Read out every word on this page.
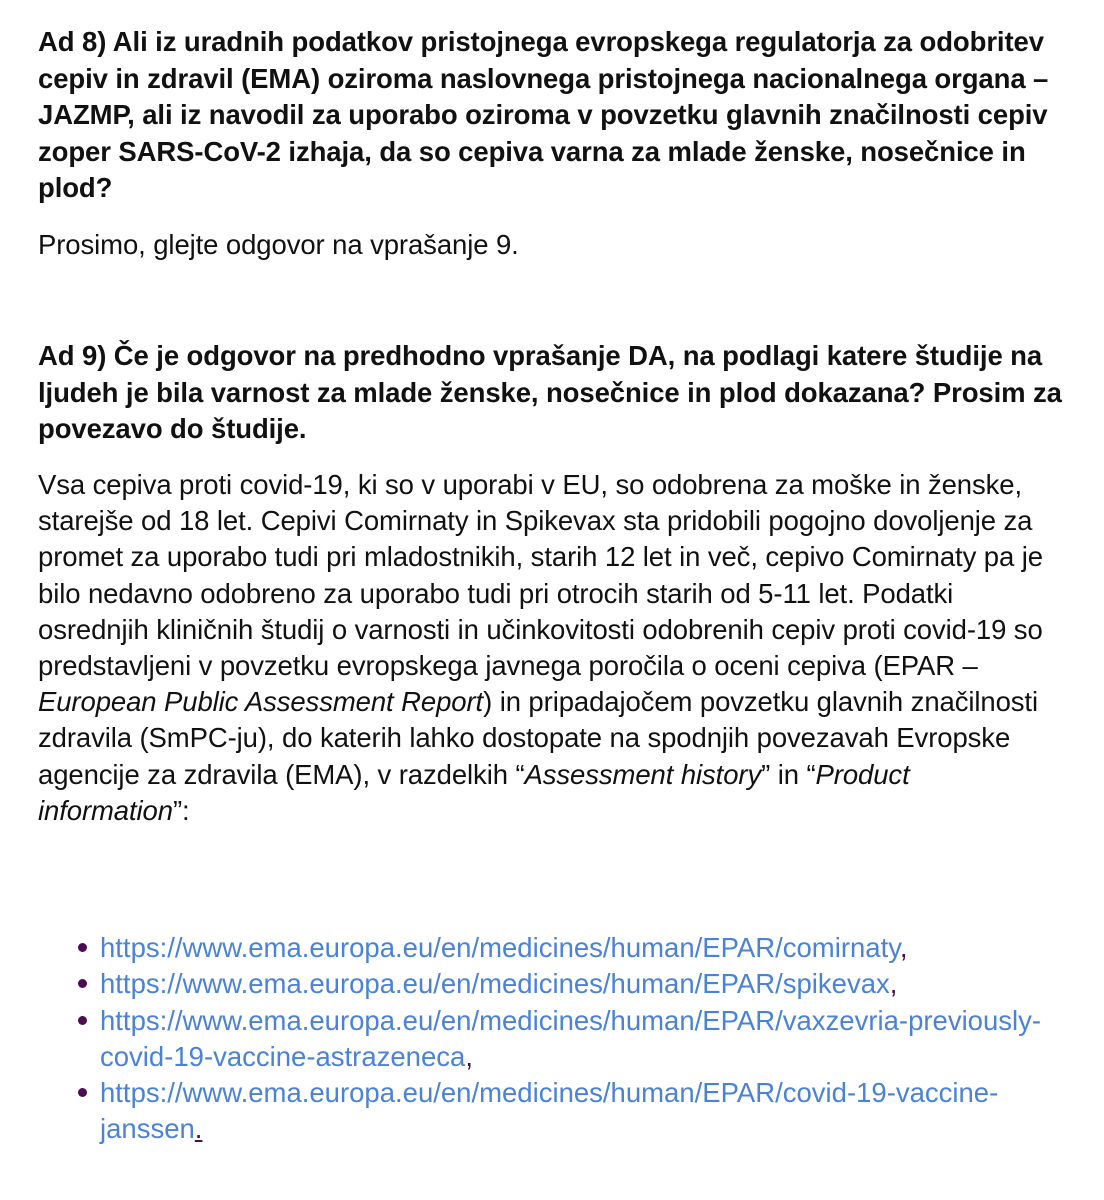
Ad 8) Ali iz uradnih podatkov pristojnega evropskega regulatorja za odobritev cepiv in zdravil (EMA) oziroma naslovnega pristojnega nacionalnega organa – JAZMP, ali iz navodil za uporabo oziroma v povzetku glavnih značilnosti cepiv zoper SARS-CoV-2 izhaja, da so cepiva varna za mlade ženske, nosečnice in plod?

Prosimo, glejte odgovor na vprašanje 9.

Ad 9) Če je odgovor na predhodno vprašanje DA, na podlagi katere študije na ljudeh je bila varnost za mlade ženske, nosečnice in plod dokazana? Prosim za povezavo do študije.

Vsa cepiva proti covid-19, ki so v uporabi v EU, so odobrena za moške in ženske, starejše od 18 let. Cepivi Comirnaty in Spikevax sta pridobili pogojno dovoljenje za promet za uporabo tudi pri mladostnikih, starih 12 let in več, cepivo Comirnaty pa je bilo nedavno odobreno za uporabo tudi pri otrocih starih od 5-11 let. Podatki osrednjih kliničnih študij o varnosti in učinkovitosti odobrenih cepiv proti covid-19 so predstavljeni v povzetku evropskega javnega poročila o oceni cepiva (EPAR – European Public Assessment Report) in pripadajočem povzetku glavnih značilnosti zdravila (SmPC-ju), do katerih lahko dostopate na spodnjih povezavah Evropske agencije za zdravila (EMA), v razdelkih “Assessment history” in “Product information”:

https://www.ema.europa.eu/en/medicines/human/EPAR/comirnaty,
https://www.ema.europa.eu/en/medicines/human/EPAR/spikevax,
https://www.ema.europa.eu/en/medicines/human/EPAR/vaxzevria-previously-covid-19-vaccine-astrazeneca,
https://www.ema.europa.eu/en/medicines/human/EPAR/covid-19-vaccine-janssen.
